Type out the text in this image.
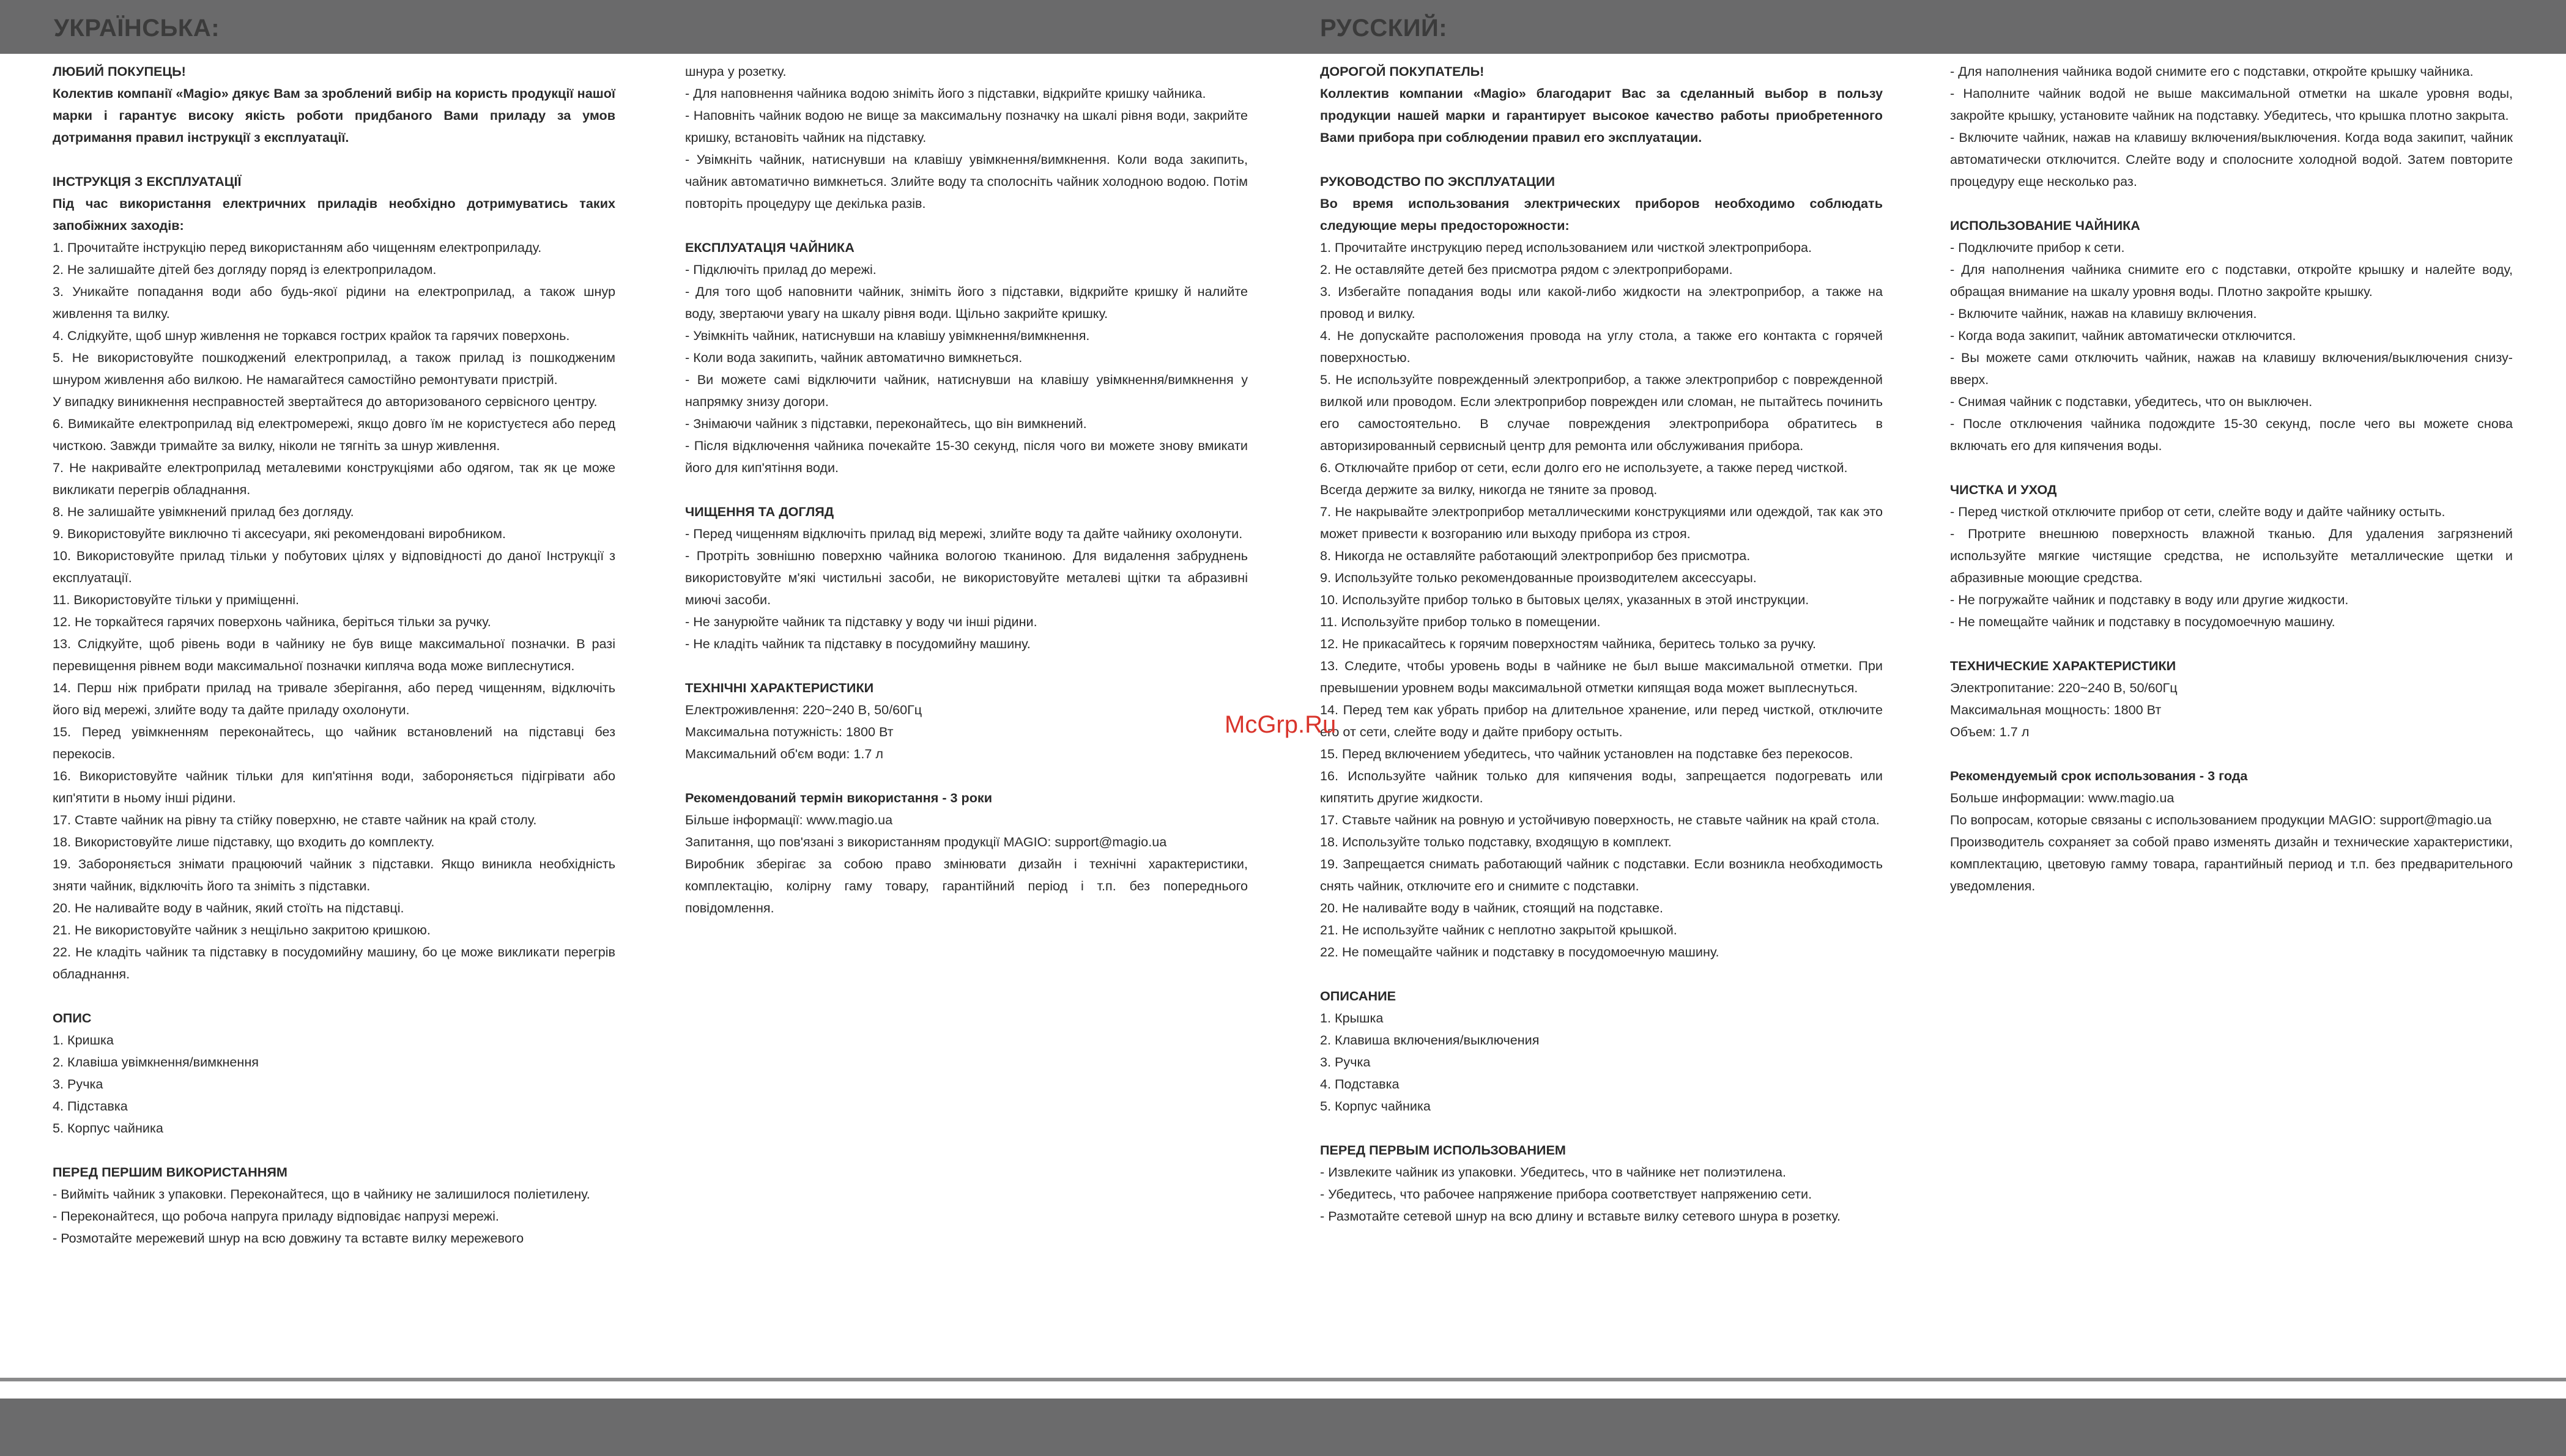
УКРАЇНСЬКА:	РУССКИЙ:

ЛЮБИЙ ПОКУПЕЦЬ!

Колектив компанії «Magio» дякує Вам за зроблений вибір на користь продукції нашої марки і гарантує високу якість роботи придбаного Вами приладу за умов дотримання правил інструкції з експлуатації.

ІНСТРУКЦІЯ З ЕКСПЛУАТАЦІЇ

Під час використання електричних приладів необхідно дотримуватись таких запобіжних заходів:

1. Прочитайте інструкцію перед використанням або чищенням електроприладу.

2. Не залишайте дітей без догляду поряд із електроприладом.

3. Уникайте попадання води або будь-якої рідини на електроприлад, а також шнур живлення та вилку.

4. Слідкуйте, щоб шнур живлення не торкався гострих крайок та гарячих поверхонь.

5. Не використовуйте пошкоджений електроприлад, а також прилад із пошкодженим шнуром живлення або вилкою. Не намагайтеся самостійно ремонтувати пристрій.

У випадку виникнення несправностей звертайтеся до авторизованого сервісного центру.

6. Вимикайте електроприлад від електромережі, якщо довго їм не користуєтеся або перед чисткою. Завжди тримайте за вилку, ніколи не тягніть за шнур живлення.

7. Не накривайте електроприлад металевими конструкціями або одягом, так як це може викликати перегрів обладнання.

8. Не залишайте увімкнений прилад без догляду.

9. Використовуйте виключно ті аксесуари, які рекомендовані виробником.

10. Використовуйте прилад тільки у побутових цілях у відповідності до даної Інструкції з експлуатації.

11. Використовуйте тільки у приміщенні.

12. Не торкайтеся гарячих поверхонь чайника, беріться тільки за ручку.

13. Слідкуйте, щоб рівень води в чайнику не був вище максимальної позначки. В разі перевищення рівнем води максимальної позначки киплячa вода може виплеснутися.

14. Перш ніж прибрати прилад на тривале зберігання, або перед чищенням, відключіть його від мережі, злийте воду та дайте приладу охолонути.

15. Перед увімкненням переконайтесь, що чайник встановлений на підставці без перекосів.

16. Використовуйте чайник тільки для кип'ятіння води, забороняється підігрівати або кип'ятити в ньому інші рідини.

17. Ставте чайник на рівну та стійку поверхню, не ставте чайник на край столу.

18. Використовуйте лише підставку, що входить до комплекту.

19. Забороняється знімати працюючий чайник з підставки. Якщо виникла необхідність зняти чайник, відключіть його та зніміть з підставки.

20. Не наливайте воду в чайник, який стоїть на підставці.

21. Не використовуйте чайник з нещільно закритою кришкою.

22. Не кладіть чайник та підставку в посудомийну машину, бо це може викликати перегрів обладнання.

ОПИС

1. Кришка

2. Клавіша увімкнення/вимкнення

3. Ручка

4. Підставка

5. Корпус чайника

ПЕРЕД ПЕРШИМ ВИКОРИСТАННЯМ

- Вийміть чайник з упаковки. Переконайтеся, що в чайнику не залишилося поліетилену.

- Переконайтеся, що робоча напруга приладу відповідає напрузі мережі.

- Розмотайте мережевий шнур на всю довжину та вставте вилку мережевого

шнура у розетку.

- Для наповнення чайника водою зніміть його з підставки, відкрийте кришку чайника.

- Наповніть чайник водою не вище за максимальну позначку на шкалі рівня води, закрийте кришку, встановіть чайник на підставку.

- Увімкніть чайник, натиснувши на клавішу увімкнення/вимкнення. Коли вода закипить, чайник автоматично вимкнеться. Злийте воду та сполосніть чайник холодною водою. Потім повторіть процедуру ще декілька разів.

ЕКСПЛУАТАЦІЯ ЧАЙНИКА

- Підключіть прилад до мережі.

- Для того щоб наповнити чайник, зніміть його з підставки, відкрийте кришку й налийте воду, звертаючи увагу на шкалу рівня води. Щільно закрийте кришку.

- Увімкніть чайник, натиснувши на клавішу увімкнення/вимкнення.

- Коли вода закипить, чайник автоматично вимкнеться.

- Ви можете самі відключити чайник, натиснувши на клавішу увімкнення/вимкнення у напрямку знизу догори.

- Знімаючи чайник з підставки, переконайтесь, що він вимкнений.

- Після відключення чайника почекайте 15-30 секунд, після чого ви можете знову вмикати його для кип'ятіння води.

ЧИЩЕННЯ ТА ДОГЛЯД

- Перед чищенням відключіть прилад від мережі, злийте воду та дайте чайнику охолонути.

- Протріть зовнішню поверхню чайника вологою тканиною. Для видалення забруднень використовуйте м'які чистильні засоби, не використовуйте металеві щітки та абразивні миючі засоби.

- Не занурюйте чайник та підставку у воду чи інші рідини.

- Не кладіть чайник та підставку в посудомийну машину.

ТЕХНІЧНІ ХАРАКТЕРИСТИКИ

Електроживлення: 220~240 В, 50/60Гц

Максимальна потужність: 1800 Вт

Максимальний об'єм води: 1.7 л

Рекомендований термін використання - 3 роки

Більше інформації: www.magio.ua

Запитання, що пов'язані з використанням продукції MAGIO: support@magio.ua

Виробник зберігає за собою право змінювати дизайн і технічні характеристики, комплектацію, колірну гаму товару, гарантійний період і т.п. без попереднього повідомлення.

ДОРОГОЙ ПОКУПАТЕЛЬ!

Коллектив компании «Magio» благодарит Вас за сделанный выбор в пользу продукции нашей марки и гарантирует высокое качество работы приобретенного Вами прибора при соблюдении правил его эксплуатации.

РУКОВОДСТВО ПО ЭКСПЛУАТАЦИИ

Во время использования электрических приборов необходимо соблюдать следующие меры предосторожности:

1. Прочитайте инструкцию перед использованием или чисткой электроприбора.

2. Не оставляйте детей без присмотра рядом с электроприборами.

3. Избегайте попадания воды или какой-либо жидкости на электроприбор, а также на провод и вилку.

4. Не допускайте расположения провода на углу стола, а также его контакта с горячей поверхностью.

5. Не используйте поврежденный электроприбор, а также электроприбор с поврежденной вилкой или проводом. Если электроприбор поврежден или сломан, не пытайтесь починить его самостоятельно. В случае повреждения электроприбора обратитесь в авторизированный сервисный центр для ремонта или обслуживания прибора.

6. Отключайте прибор от сети, если долго его не используете, а также перед чисткой.

Всегда держите за вилку, никогда не тяните за провод.

7. Не накрывайте электроприбор металлическими конструкциями или одеждой, так как это может привести к возгоранию или выходу прибора из строя.

8. Никогда не оставляйте работающий электроприбор без присмотра.

9. Используйте только рекомендованные производителем аксессуары.

10. Используйте прибор только в бытовых целях, указанных в этой инструкции.

11. Используйте прибор только в помещении.

12. Не прикасайтесь к горячим поверхностям чайника, беритесь только за ручку.

13. Следите, чтобы уровень воды в чайнике не был выше максимальной отметки. При превышении уровнем воды максимальной отметки кипящая вода может выплеснуться.

14. Перед тем как убрать прибор на длительное хранение, или перед чисткой, отключите его от сети, слейте воду и дайте прибору остыть.

15. Перед включением убедитесь, что чайник установлен на подставке без перекосов.

16. Используйте чайник только для кипячения воды, запрещается подогревать или кипятить другие жидкости.

17. Ставьте чайник на ровную и устойчивую поверхность, не ставьте чайник на край стола.

18. Используйте только подставку, входящую в комплект.

19. Запрещается снимать работающий чайник с подставки. Если возникла необходимость снять чайник, отключите его и снимите с подставки.

20. Не наливайте воду в чайник, стоящий на подставке.

21. Не используйте чайник с неплотно закрытой крышкой.

22. Не помещайте чайник и подставку в посудомоечную машину.

ОПИСАНИЕ

1. Крышка

2. Клавиша включения/выключения

3. Ручка

4. Подставка

5. Корпус чайника

ПЕРЕД ПЕРВЫМ ИСПОЛЬЗОВАНИЕМ

- Извлеките чайник из упаковки. Убедитесь, что в чайнике нет полиэтилена.

- Убедитесь, что рабочее напряжение прибора соответствует напряжению сети.

- Размотайте сетевой шнур на всю длину и вставьте вилку сетевого шнура в розетку.

- Для наполнения чайника водой снимите его с подставки, откройте крышку чайника.

- Наполните чайник водой не выше максимальной отметки на шкале уровня воды, закройте крышку, установите чайник на подставку. Убедитесь, что крышка плотно закрыта.

- Включите чайник, нажав на клавишу включения/выключения. Когда вода закипит, чайник автоматически отключится. Слейте воду и сполосните холодной водой. Затем повторите процедуру еще несколько раз.

ИСПОЛЬЗОВАНИЕ ЧАЙНИКА

- Подключите прибор к сети.

- Для наполнения чайника снимите его с подставки, откройте крышку и налейте воду, обращая внимание на шкалу уровня воды. Плотно закройте крышку.

- Включите чайник, нажав на клавишу включения.

- Когда вода закипит, чайник автоматически отключится.

- Вы можете сами отключить чайник, нажав на клавишу включения/выключения снизу-вверх.

- Снимая чайник с подставки, убедитесь, что он выключен.

- После отключения чайника подождите 15-30 секунд, после чего вы можете снова включать его для кипячения воды.

ЧИСТКА И УХОД

- Перед чисткой отключите прибор от сети, слейте воду и дайте чайнику остыть.

- Протрите внешнюю поверхность влажной тканью. Для удаления загрязнений используйте мягкие чистящие средства, не используйте металлические щетки и абразивные моющие средства.

- Не погружайте чайник и подставку в воду или другие жидкости.

- Не помещайте чайник и подставку в посудомоечную машину.

ТЕХНИЧЕСКИЕ ХАРАКТЕРИСТИКИ

Электропитание: 220~240 В, 50/60Гц

Максимальная мощность: 1800 Вт

Объем: 1.7 л

Рекомендуемый срок использования - 3 года

Больше информации: www.magio.ua

По вопросам, которые связаны с использованием продукции MAGIO: support@magio.ua

Производитель сохраняет за собой право изменять дизайн и технические характеристики, комплектацию, цветовую гамму товара, гарантийный период и т.п. без предварительного уведомления.

McGrp.Ru
